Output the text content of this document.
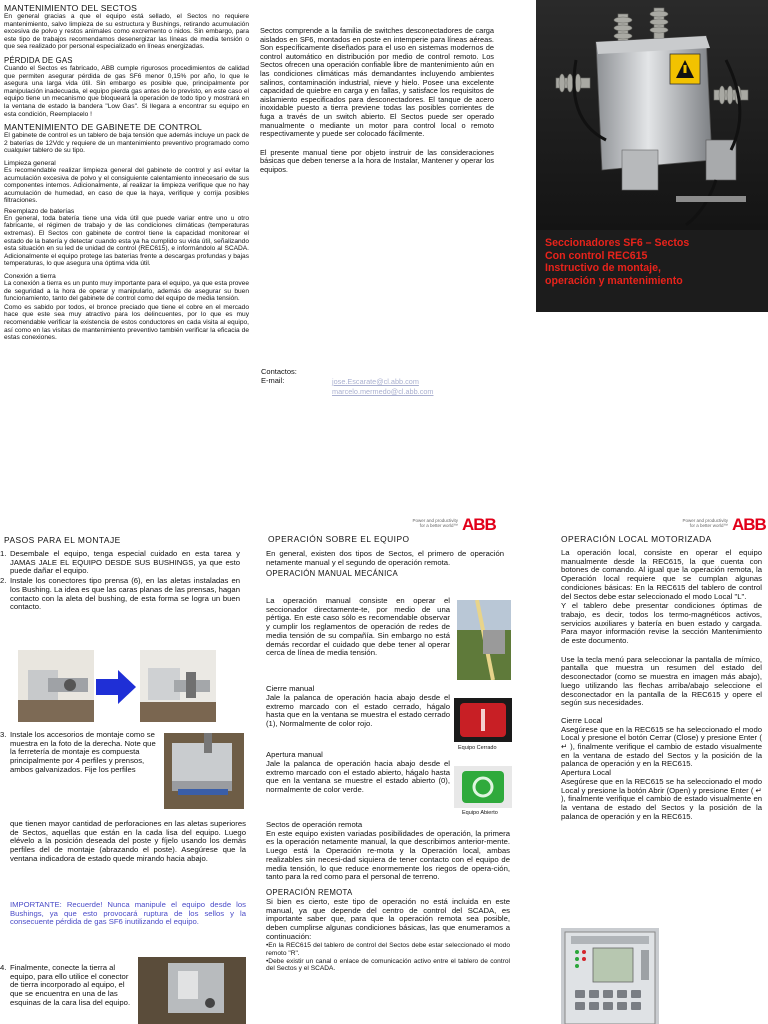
MANTENIMIENTO DEL SECTOS

En general gracias a que el equipo está sellado, el Sectos no requiere mantenimiento, salvo limpieza de su estructura y Bushings, retirando acumulación excesiva de polvo y restos animales como excremento o nidos. Sin embargo, para este tipo de trabajos recomendamos desenergizar las líneas de media tensión o que sea realizado por personal especializado en líneas energizadas.

PÉRDIDA DE GAS

Cuando el Sectos es fabricado, ABB cumple rigurosos procedimientos de calidad que permiten asegurar pérdida de gas SF6 menor 0,15% por año, lo que le asegura una larga vida útil. Sin embargo es posible que, principalmente por manipulación inadecuada, el equipo pierda gas antes de lo previsto, en este caso el equipo tiene un mecanismo que bloqueará la operación de todo tipo y mostrará en la ventana de estado la bandera "Low Gas". Si llegara a encontrar su equipo en esta condición, Reemplacelo !

MANTENIMIENTO DE GABINETE DE CONTROL

El gabinete de control es un tablero de baja tensión que además incluye un pack de 2 baterías de 12Vdc y requiere de un mantenimiento preventivo programado como cualquier tablero de su tipo.

Limpieza general

Es recomendable realizar limpieza general del gabinete de control y así evitar la acumulación excesiva de polvo y el consiguiente calentamiento innecesario de sus componentes internos. Adicionalmente, al realizar la limpieza verifique que no hay acumulación de humedad, en caso de que la haya, verifique y corrija posibles filtraciones.

Reemplazo de baterías

En general, toda batería tiene una vida útil que puede variar entre uno u otro fabricante, el régimen de trabajo y de las condiciones climáticas (temperaturas extremas). El Sectos con gabinete de control tiene la capacidad monitorear el estado de la batería y detectar cuando esta ya ha cumplido su vida útil, señalizando esta situación en su led de unidad de control (REC615), e informándolo al SCADA. Adicionalmente el equipo protege las baterías frente a descargas profundas y bajas temperaturas, lo que asegura una óptima vida útil.

Conexión a tierra

La conexión a tierra es un punto muy importante para el equipo, ya que esta provee de seguridad a la hora de operar y manipularlo, además de asegurar su buen funcionamiento, tanto del gabinete de control como del equipo de media tensión.

Como es sabido por todos, el bronce preciado que tiene el cobre en el mercado hace que este sea muy atractivo para los delincuentes, por lo que es muy recomendable verificar la existencia de estos conductores en cada visita al equipo, así como en las visitas de mantenimiento preventivo también verificar la eficacia de estas conexiones.

Sectos comprende a la familia de switches desconectadores de carga aislados en SF6, montados en poste en intemperie para líneas aéreas. Son específicamente diseñados para el uso en sistemas modernos de control automático en distribución por medio de control remoto. Los Sectos ofrecen una operación confiable libre de mantenimiento aún en las condiciones climáticas más demandantes incluyendo ambientes salinos, contaminación industrial, nieve y hielo. Posee una excelente capacidad de quiebre en carga y en fallas, y satisface los requisitos de aislamiento especificados para desconectadores. El tanque de acero inoxidable puesto a tierra previene todas las posibles corrientes de fuga a través de un switch abierto. El Sectos puede ser operado manualmente o mediante un motor para control local o remoto respectivamente y puede ser colocado fácilmente.

El presente manual tiene por objeto instruir de las consideraciones básicas que deben tenerse a la hora de Instalar, Mantener y operar los equipos.

Contactos:
E-mail:	jose.Escarate@cl.abb.com
marcelo.mermedo@cl.abb.com
Seccionadores SF6 – Sectos
Con control REC615
Instructivo de montaje,
operación y mantenimiento
Power and productivity
for a better world™ ABB	Power and productivity
for a better world™ ABB
PASOS PARA EL MONTAJE
1. Desembale el equipo, tenga especial cuidado en esta tarea y JAMAS JALE EL EQUIPO DESDE SUS BUSHINGS, ya que esto puede dañar el equipo.

2. Instale los conectores tipo prensa (6), en las aletas instaladas en los Bushing. La idea es que las caras planas de las prensas, hagan contacto con la aleta del bushing, de esta forma se logra un buen contacto.

3. Instale los accesorios de montaje como se muestra en la foto de la derecha. Note que la ferretería de montaje es compuesta principalmente por 4 perfiles y prensos, ambos galvanizados. Fije los perfiles

que tienen mayor cantidad de perforaciones en las aletas superiores de Sectos, aquellas que están en la cada lisa del equipo. Luego elévelo a la posición deseada del poste y fíjelo usando los demás perfiles del de montaje (abrazando el poste). Asegúrese que la ventana indicadora de estado quede mirando hacia abajo.

IMPORTANTE: Recuerde! Nunca manipule el equipo desde los Bushings, ya que esto provocará ruptura de los sellos y la consecuente pérdida de gas SF6 inutilizando el equipo.

4. Finalmente, conecte la tierra al equipo, para ello utilice el conector de tierra incorporado al equipo, el que se encuentra en una de las esquinas de la cara lisa del equipo.

OPERACIÓN SOBRE EL EQUIPO

En general, existen dos tipos de Sectos, el primero de operación netamente manual y el segundo de operación remota.

OPERACIÓN MANUAL MECÁNICA

La operación manual consiste en operar el seccionador directamente-te, por medio de una pértiga. En este caso sólo es recomendable observar y cumplir los reglamentos de operación de redes de media tensión de su compañía. Sin embargo no está demás recordar el cuidado que debe tener al operar cerca de línea de media tensión.

Cierre manual

Jale la palanca de operación hacia abajo desde el extremo marcado con el estado cerrado, hágalo hasta que en la ventana se muestra el estado cerrado (1), Normalmente de color rojo.

Equipo Cerrado
Apertura manual

Jale la palanca de operación hacia abajo desde el extremo marcado con el estado abierto, hágalo hasta que en la ventana se muestre el estado abierto (0), normalmente de color verde.

Equipo Abierto
Sectos de operación remota

En este equipo existen variadas posibilidades de operación, la primera es la operación netamente manual, la que describimos anterior-mente. Luego está la Operación re-mota y la Operación local, ambas realizables sin necesi-dad siquiera de tener contacto con el equipo de media tensión, lo que reduce enormemente los riegos de opera-ción, tanto para la red como para el personal de terreno.

OPERACIÓN REMOTA

Si bien es cierto, este tipo de operación no está incluida en este manual, ya que depende del centro de control del SCADA, es importante saber que, para que la operación remota sea posible, deben cumplirse algunas condiciones básicas, las que enumeramos a continuación:

•En la REC615 del tablero de control del Sectos debe estar seleccionado el modo remoto "R".

•Debe existir un canal o enlace de comunicación activo entre el tablero de control del Sectos y el SCADA.

OPERACIÓN LOCAL MOTORIZADA

La operación local, consiste en operar el equipo manualmente desde la REC615, la que cuenta con botones de comando. Al igual que la operación remota, la Operación local requiere que se cumplan algunas condiciones básicas: En la REC615 del tablero de control del Sectos debe estar seleccionado el modo Local "L".

Y el tablero debe presentar condiciones óptimas de trabajo, es decir, todos los termo-magnéticos activos, servicios auxiliares y batería en buen estado y cargada. Para mayor información revise la sección Mantenimiento de este documento.

Use la tecla menú para seleccionar la pantalla de mímico, pantalla que muestra un resumen del estado del desconectador (como se muestra en imagen más abajo), luego utilizando las flechas arriba/abajo seleccione el desconectador en la pantalla de la REC615 y opere el según sus necesidades.

Cierre Local

Asegúrese que en la REC615 se ha seleccionado el modo Local y presione el botón Cerrar (Close) y presione Enter ( ↵ ), finalmente verifique el cambio de estado visualmente en la ventana de estado del Sectos y la posición de la palanca de operación y en la REC615.

Apertura Local

Asegúrese que en la REC615 se ha seleccionado el modo Local y presione la botón Abrir (Open) y presione Enter ( ↵ ), finalmente verifique el cambio de estado visualmente en la ventana de estado del Sectos y la posición de la palanca de operación y en la REC615.
